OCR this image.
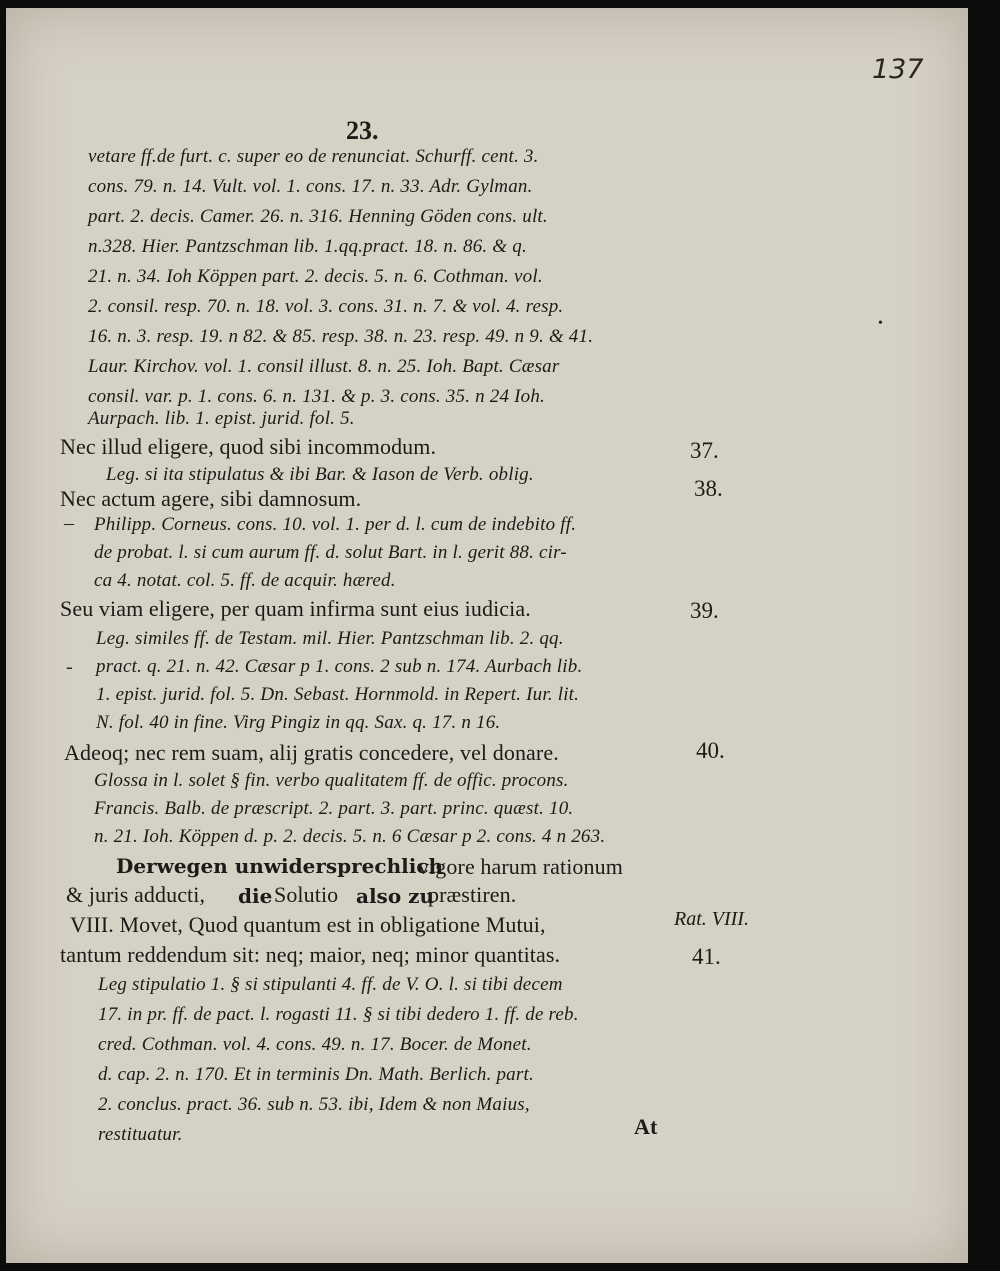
137
23.
vetare ff.de furt. c. super eo de renunciat. Schurff. cent. 3.
cons. 79. n. 14. Vult. vol. 1. cons. 17. n. 33. Adr. Gylman.
part. 2. decis. Camer. 26. n. 316. Henning Göden cons. ult.
n.328. Hier. Pantzschman lib. 1.qq.pract. 18. n. 86. & q.
21. n. 34. Ioh Köppen part. 2. decis. 5. n. 6. Cothman. vol.
2. consil. resp. 70. n. 18. vol. 3. cons. 31. n. 7. & vol. 4. resp.
16. n. 3. resp. 19. n 82. & 85. resp. 38. n. 23. resp. 49. n 9. & 41.
Laur. Kirchov. vol. 1. consil illust. 8. n. 25. Ioh. Bapt. Cæsar
consil. var. p. 1. cons. 6. n. 131. & p. 3. cons. 35. n 24 Ioh.
Aurpach. lib. 1. epist. jurid. fol. 5.
Nec illud eligere, quod sibi incommodum.	37.
Leg. si ita stipulatus & ibi Bar. & Iason de Verb. oblig.
Nec actum agere, sibi damnosum.	38.
– Philipp. Corneus. cons. 10. vol. 1. per d. l. cum de indebito ff.
de probat. l. si cum aurum ff. d. solut Bart. in l. gerit 88. cir-
ca 4. notat. col. 5. ff. de acquir. hæred.
Seu viam eligere, per quam infirma sunt eius iudicia.	39.
Leg. similes ff. de Testam. mil. Hier. Pantzschman lib. 2. qq.
- pract. q. 21. n. 42. Cæsar p 1. cons. 2 sub n. 174. Aurbach lib.
1. epist. jurid. fol. 5. Dn. Sebast. Hornmold. in Repert. Iur. lit.
N. fol. 40 in fine. Virg Pingiz in qq. Sax. q. 17. n 16.
Adeoq; nec rem suam, alij gratis concedere, vel donare.	40.
Glossa in l. solet § fin. verbo qualitatem ff. de offic. procons.
Francis. Balb. de præscript. 2. part. 3. part. princ. quæst. 10.
n. 21. Ioh. Köppen d. p. 2. decis. 5. n. 6 Cæsar p 2. cons. 4 n 263.
Derwegen unwidersprechlich
vigore harum rationum
& juris adducti, die Solutio also zu
præstiren.
VIII. Movet, Quod quantum est in obligatione Mutui,	Rat. VIII.
tantum reddendum sit: neq; maior, neq; minor quantitas.	41.
Leg stipulatio 1. § si stipulanti 4. ff. de V. O. l. si tibi decem
17. in pr. ff. de pact. l. rogasti 11. § si tibi dedero 1. ff. de reb.
cred. Cothman. vol. 4. cons. 49. n. 17. Bocer. de Monet.
d. cap. 2. n. 170. Et in terminis Dn. Math. Berlich. part.
2. conclus. pract. 36. sub n. 53. ibi, Idem & non Maius,
restituatur.	At
•
